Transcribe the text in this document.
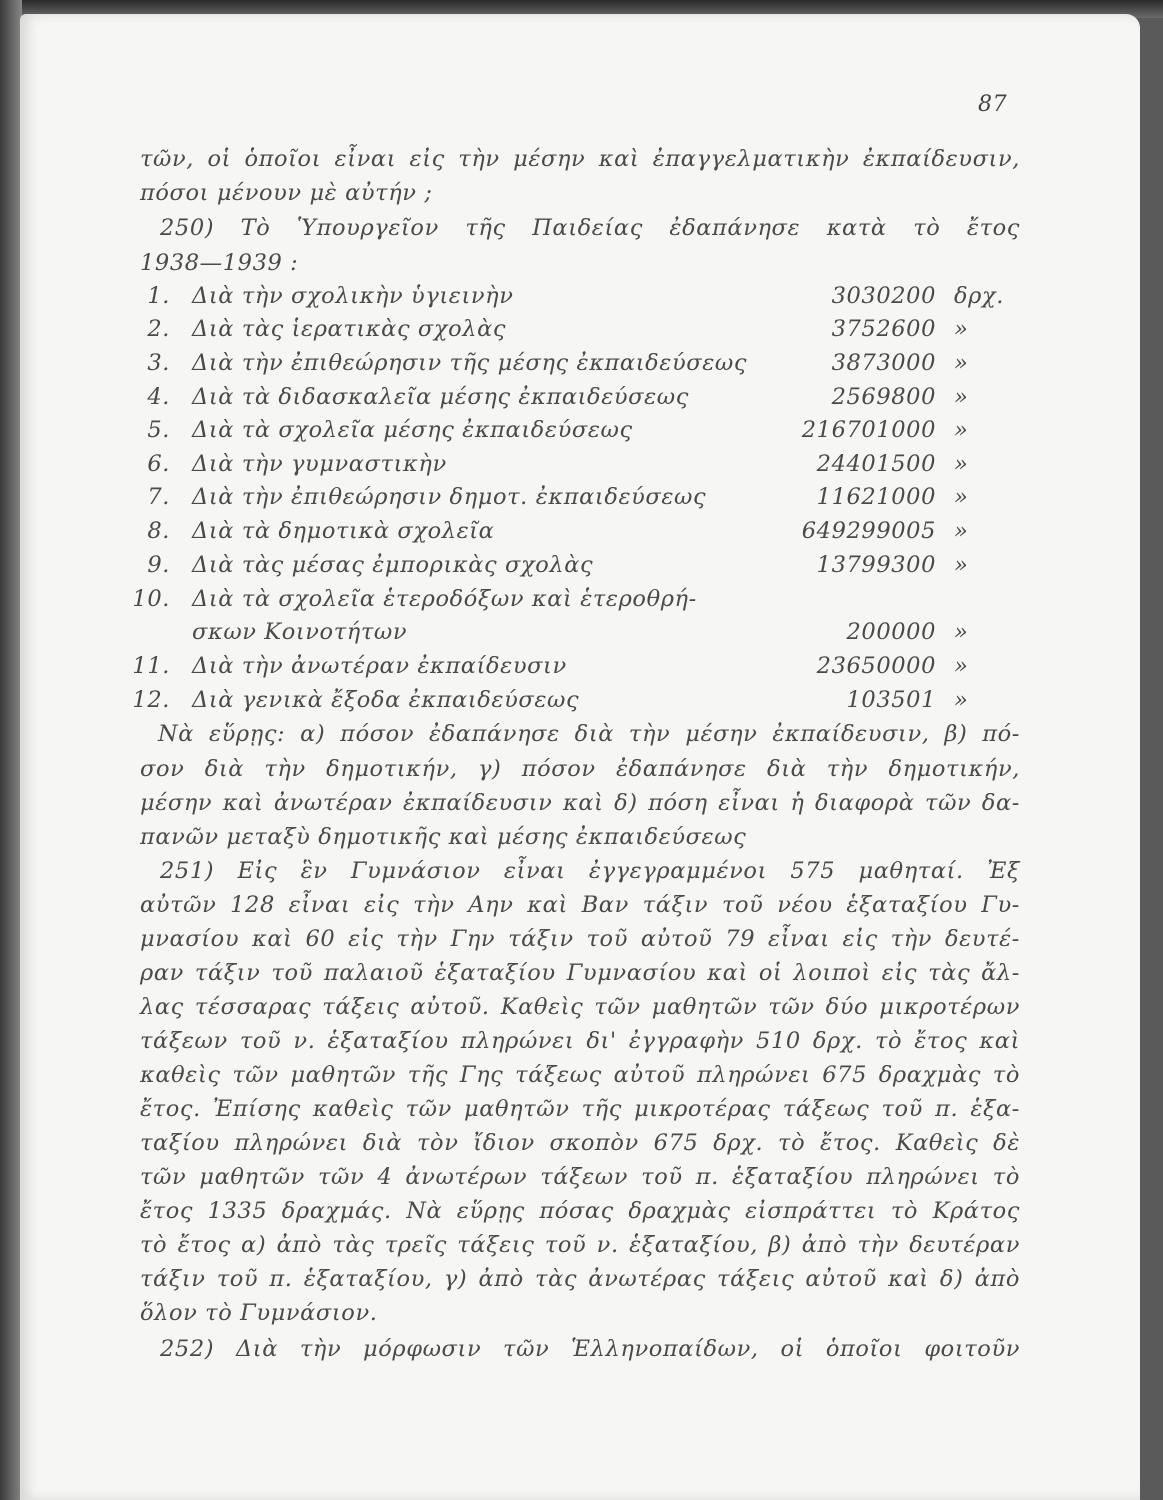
87
τῶν, οἱ ὁποῖοι εἶναι εἰς τὴν μέσην καὶ ἐπαγγελματικὴν ἐκπαίδευσιν,
πόσοι μένουν μὲ αὐτήν ;
250) Τὸ Ὑπουργεῖον τῆς Παιδείας ἐδαπάνησε κατὰ τὸ ἔτος
1938—1939 :
1. Διὰ τὴν σχολικὴν ὑγιεινὴν	3030200 δρχ.
2. Διὰ τὰς ἱερατικὰς σχολὰς	3752600 »
3. Διὰ τὴν ἐπιθεώρησιν τῆς μέσης ἐκπαιδεύσεως	3873000 »
4. Διὰ τὰ διδασκαλεῖα μέσης ἐκπαιδεύσεως	2569800 »
5. Διὰ τὰ σχολεῖα μέσης ἐκπαιδεύσεως	216701000 »
6. Διὰ τὴν γυμναστικὴν	24401500 »
7. Διὰ τὴν ἐπιθεώρησιν δημοτ. ἐκπαιδεύσεως	11621000 »
8. Διὰ τὰ δημοτικὰ σχολεῖα	649299005 »
9. Διὰ τὰς μέσας ἐμπορικὰς σχολὰς	13799300 »
10. Διὰ τὰ σχολεῖα ἑτεροδόξων καὶ ἑτεροθρή-
σκων Κοινοτήτων	200000 »
11. Διὰ τὴν ἀνωτέραν ἐκπαίδευσιν	23650000 »
12. Διὰ γενικὰ ἔξοδα ἐκπαιδεύσεως	103501 »
Νὰ εὕρῃς: α) πόσον ἐδαπάνησε διὰ τὴν μέσην ἐκπαίδευσιν, β) πό-
σον διὰ τὴν δημοτικήν, γ) πόσον ἐδαπάνησε διὰ τὴν δημοτικήν,
μέσην καὶ ἀνωτέραν ἐκπαίδευσιν καὶ δ) πόση εἶναι ἡ διαφορὰ τῶν δα-
πανῶν μεταξὺ δημοτικῆς καὶ μέσης ἐκπαιδεύσεως
251) Εἰς ἓν Γυμνάσιον εἶναι ἐγγεγραμμένοι 575 μαθηταί. Ἐξ
αὐτῶν 128 εἶναι εἰς τὴν Αην καὶ Βαν τάξιν τοῦ νέου ἑξαταξίου Γυ-
μνασίου καὶ 60 εἰς τὴν Γην τάξιν τοῦ αὐτοῦ 79 εἶναι εἰς τὴν δευτέ-
ραν τάξιν τοῦ παλαιοῦ ἑξαταξίου Γυμνασίου καὶ οἱ λοιποὶ εἰς τὰς ἄλ-
λας τέσσαρας τάξεις αὐτοῦ. Καθεὶς τῶν μαθητῶν τῶν δύο μικροτέρων
τάξεων τοῦ ν. ἑξαταξίου πληρώνει δι' ἐγγραφὴν 510 δρχ. τὸ ἔτος καὶ
καθεὶς τῶν μαθητῶν τῆς Γης τάξεως αὐτοῦ πληρώνει 675 δραχμὰς τὸ
ἔτος. Ἐπίσης καθεὶς τῶν μαθητῶν τῆς μικροτέρας τάξεως τοῦ π. ἑξα-
ταξίου πληρώνει διὰ τὸν ἴδιον σκοπὸν 675 δρχ. τὸ ἔτος. Καθεὶς δὲ
τῶν μαθητῶν τῶν 4 ἀνωτέρων τάξεων τοῦ π. ἑξαταξίου πληρώνει τὸ
ἔτος 1335 δραχμάς. Νὰ εὕρῃς πόσας δραχμὰς εἰσπράττει τὸ Κράτος
τὸ ἔτος α) ἀπὸ τὰς τρεῖς τάξεις τοῦ ν. ἑξαταξίου, β) ἀπὸ τὴν δευτέραν
τάξιν τοῦ π. ἑξαταξίου, γ) ἀπὸ τὰς ἀνωτέρας τάξεις αὐτοῦ καὶ δ) ἀπὸ
ὅλον τὸ Γυμνάσιον.
252) Διὰ τὴν μόρφωσιν τῶν Ἑλληνοπαίδων, οἱ ὁποῖοι φοιτοῦν
